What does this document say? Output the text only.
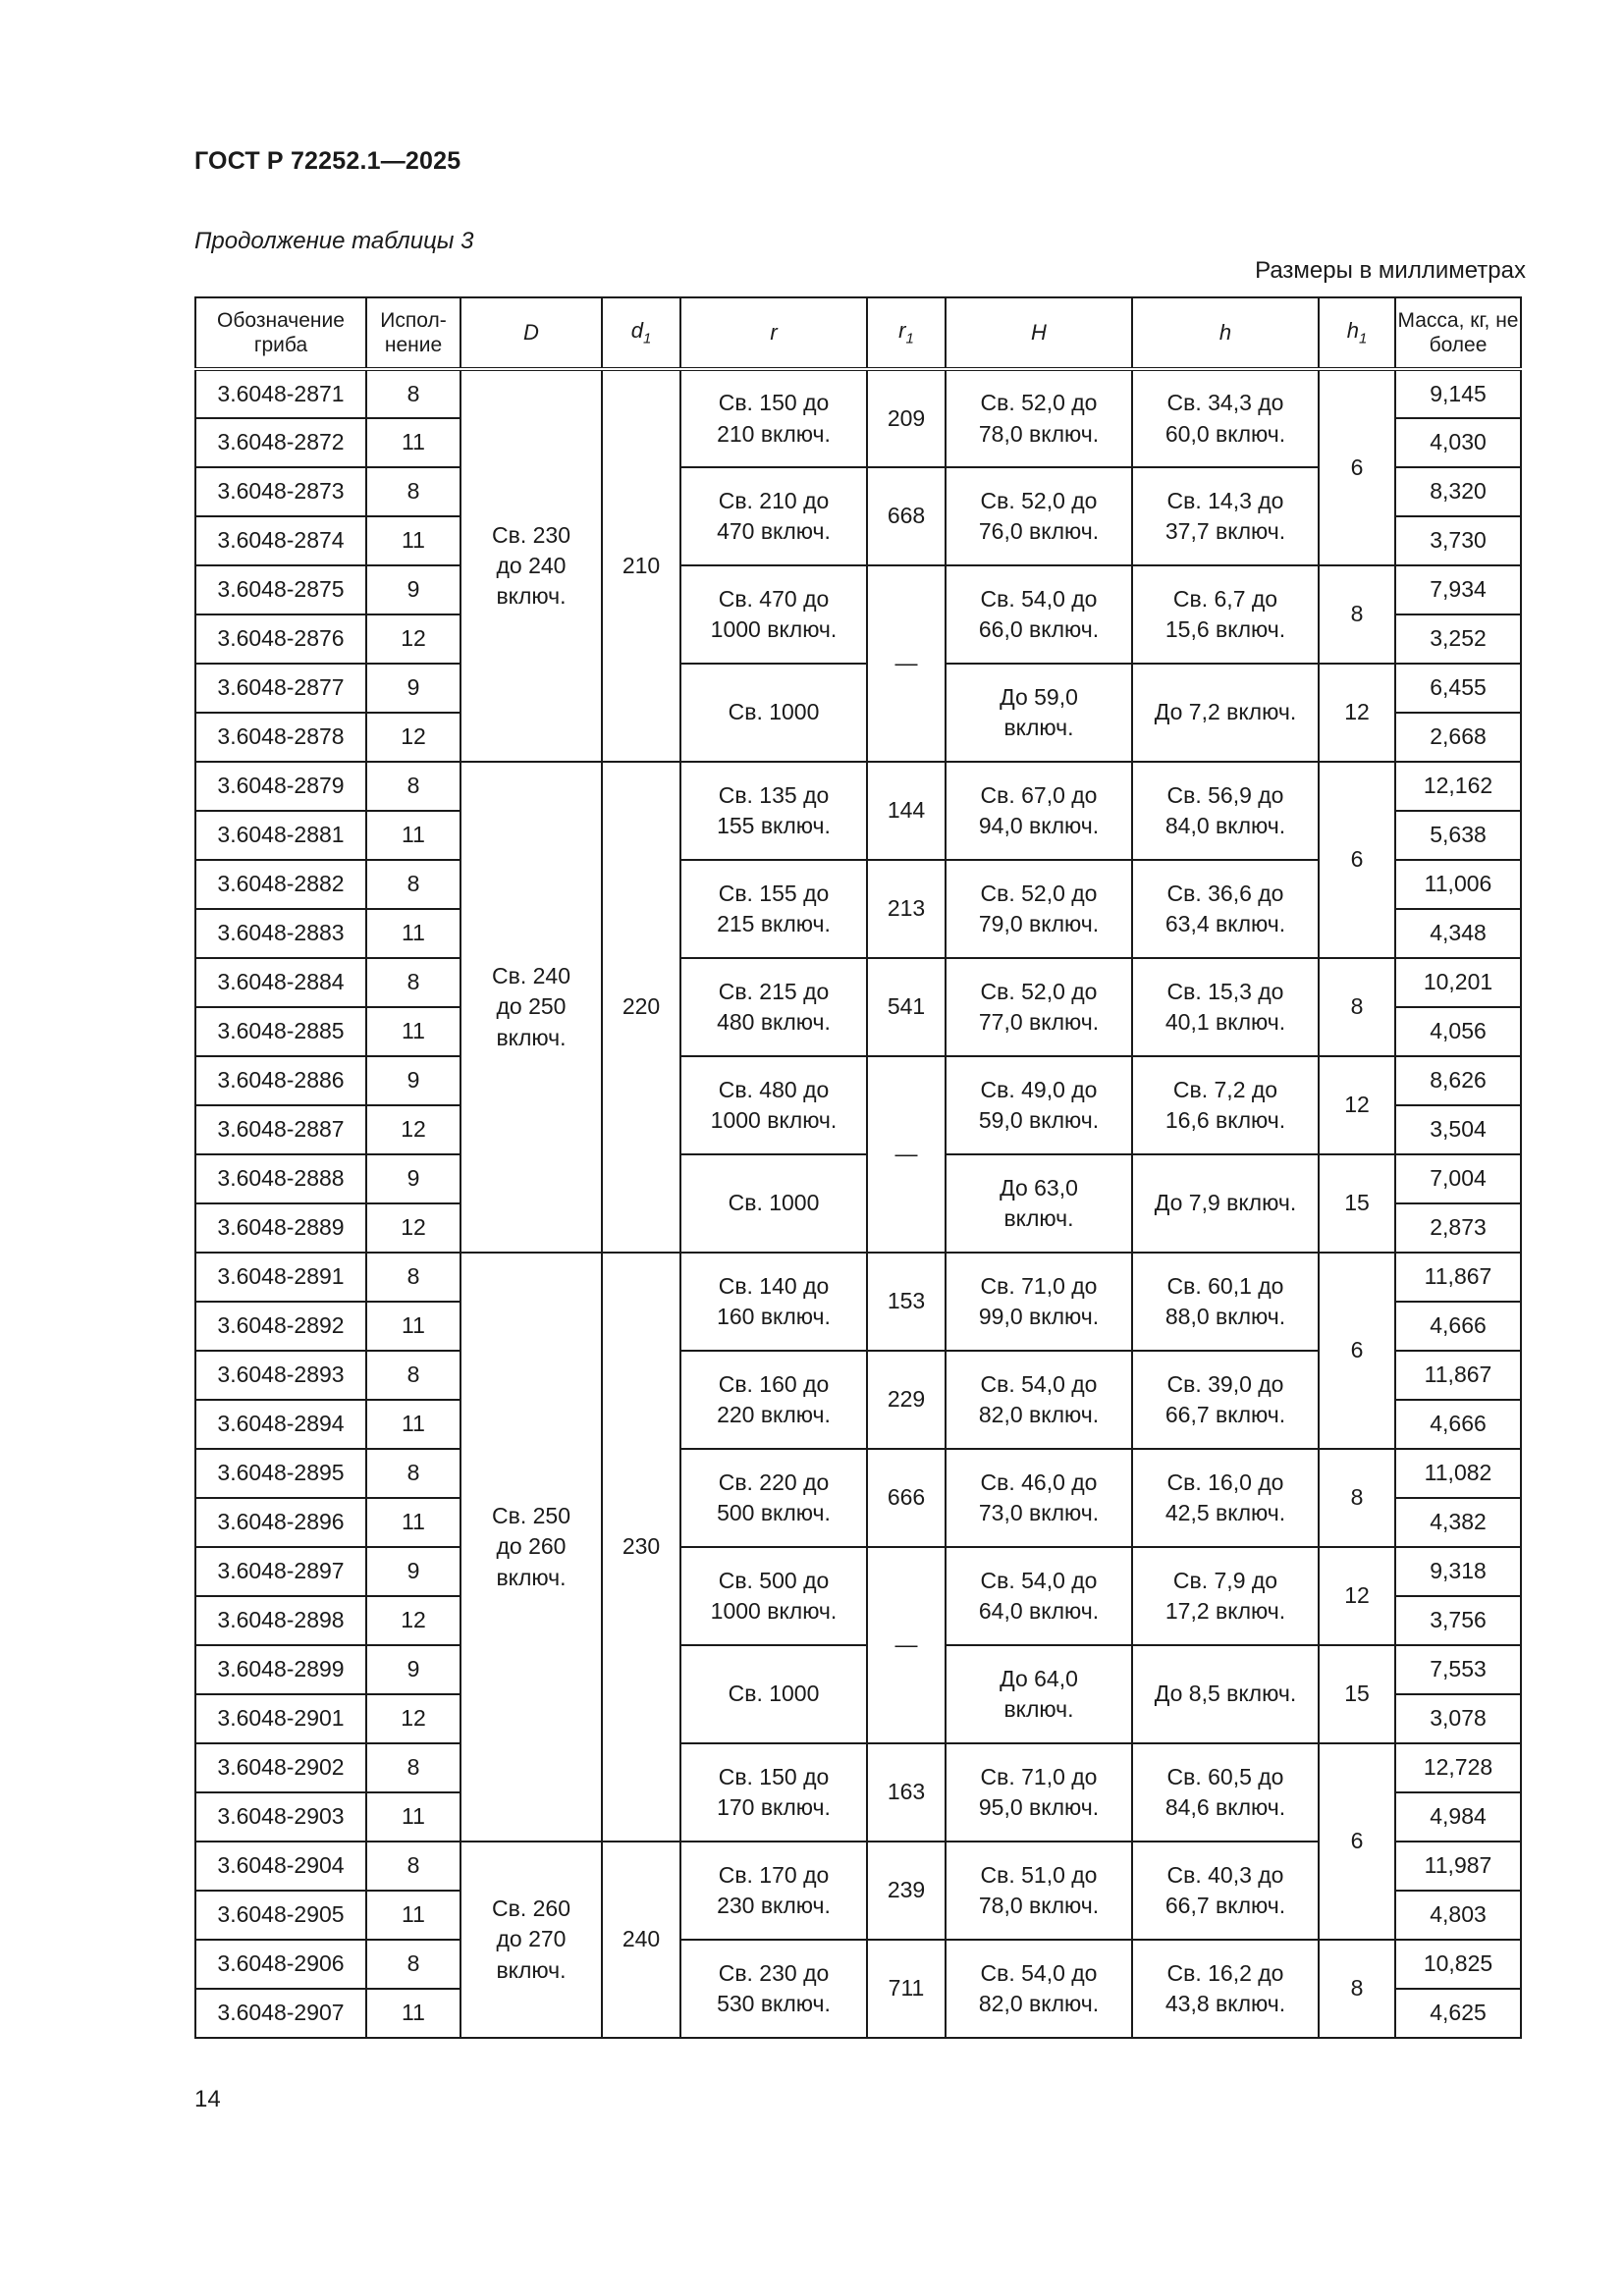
ГОСТ Р 72252.1—2025
Продолжение таблицы 3
Размеры в миллиметрах
Обозначение гриба	Испол-нение	D	$d_1$	r	$r_1$	H	h	$h_1$	Масса, кг, не более
3.6048-2871	8	Св. 230
до 240
включ.	210	Св. 150 до
210 включ.	209	Св. 52,0 до
78,0 включ.	Св. 34,3 до
60,0 включ.	6	9,145
3.6048-2872	11								4,030
3.6048-2873	8			Св. 210 до
470 включ.	668	Св. 52,0 до
76,0 включ.	Св. 14,3 до
37,7 включ.		8,320
3.6048-2874	11								3,730
3.6048-2875	9			Св. 470 до
1000 включ.	—	Св. 54,0 до
66,0 включ.	Св. 6,7 до
15,6 включ.	8	7,934
3.6048-2876	12								3,252
3.6048-2877	9			Св. 1000		До 59,0
включ.	До 7,2 включ.	12	6,455
3.6048-2878	12								2,668
3.6048-2879	8	Св. 240
до 250
включ.	220	Св. 135 до
155 включ.	144	Св. 67,0 до
94,0 включ.	Св. 56,9 до
84,0 включ.	6	12,162
3.6048-2881	11								5,638
3.6048-2882	8			Св. 155 до
215 включ.	213	Св. 52,0 до
79,0 включ.	Св. 36,6 до
63,4 включ.		11,006
3.6048-2883	11								4,348
3.6048-2884	8			Св. 215 до
480 включ.	541	Св. 52,0 до
77,0 включ.	Св. 15,3 до
40,1 включ.	8	10,201
3.6048-2885	11								4,056
3.6048-2886	9			Св. 480 до
1000 включ.	—	Св. 49,0 до
59,0 включ.	Св. 7,2 до
16,6 включ.	12	8,626
3.6048-2887	12								3,504
3.6048-2888	9			Св. 1000		До 63,0
включ.	До 7,9 включ.	15	7,004
3.6048-2889	12								2,873
3.6048-2891	8	Св. 250
до 260
включ.	230	Св. 140 до
160 включ.	153	Св. 71,0 до
99,0 включ.	Св. 60,1 до
88,0 включ.	6	11,867
3.6048-2892	11								4,666
3.6048-2893	8			Св. 160 до
220 включ.	229	Св. 54,0 до
82,0 включ.	Св. 39,0 до
66,7 включ.		11,867
3.6048-2894	11								4,666
3.6048-2895	8			Св. 220 до
500 включ.	666	Св. 46,0 до
73,0 включ.	Св. 16,0 до
42,5 включ.	8	11,082
3.6048-2896	11								4,382
3.6048-2897	9			Св. 500 до
1000 включ.	—	Св. 54,0 до
64,0 включ.	Св. 7,9 до
17,2 включ.	12	9,318
3.6048-2898	12								3,756
3.6048-2899	9			Св. 1000		До 64,0
включ.	До 8,5 включ.	15	7,553
3.6048-2901	12								3,078
3.6048-2902	8			Св. 150 до
170 включ.	163	Св. 71,0 до
95,0 включ.	Св. 60,5 до
84,6 включ.	6	12,728
3.6048-2903	11								4,984
3.6048-2904	8	Св. 260
до 270
включ.	240	Св. 170 до
230 включ.	239	Св. 51,0 до
78,0 включ.	Св. 40,3 до
66,7 включ.		11,987
3.6048-2905	11								4,803
3.6048-2906	8			Св. 230 до
530 включ.	711	Св. 54,0 до
82,0 включ.	Св. 16,2 до
43,8 включ.	8	10,825
3.6048-2907	11								4,625
14
